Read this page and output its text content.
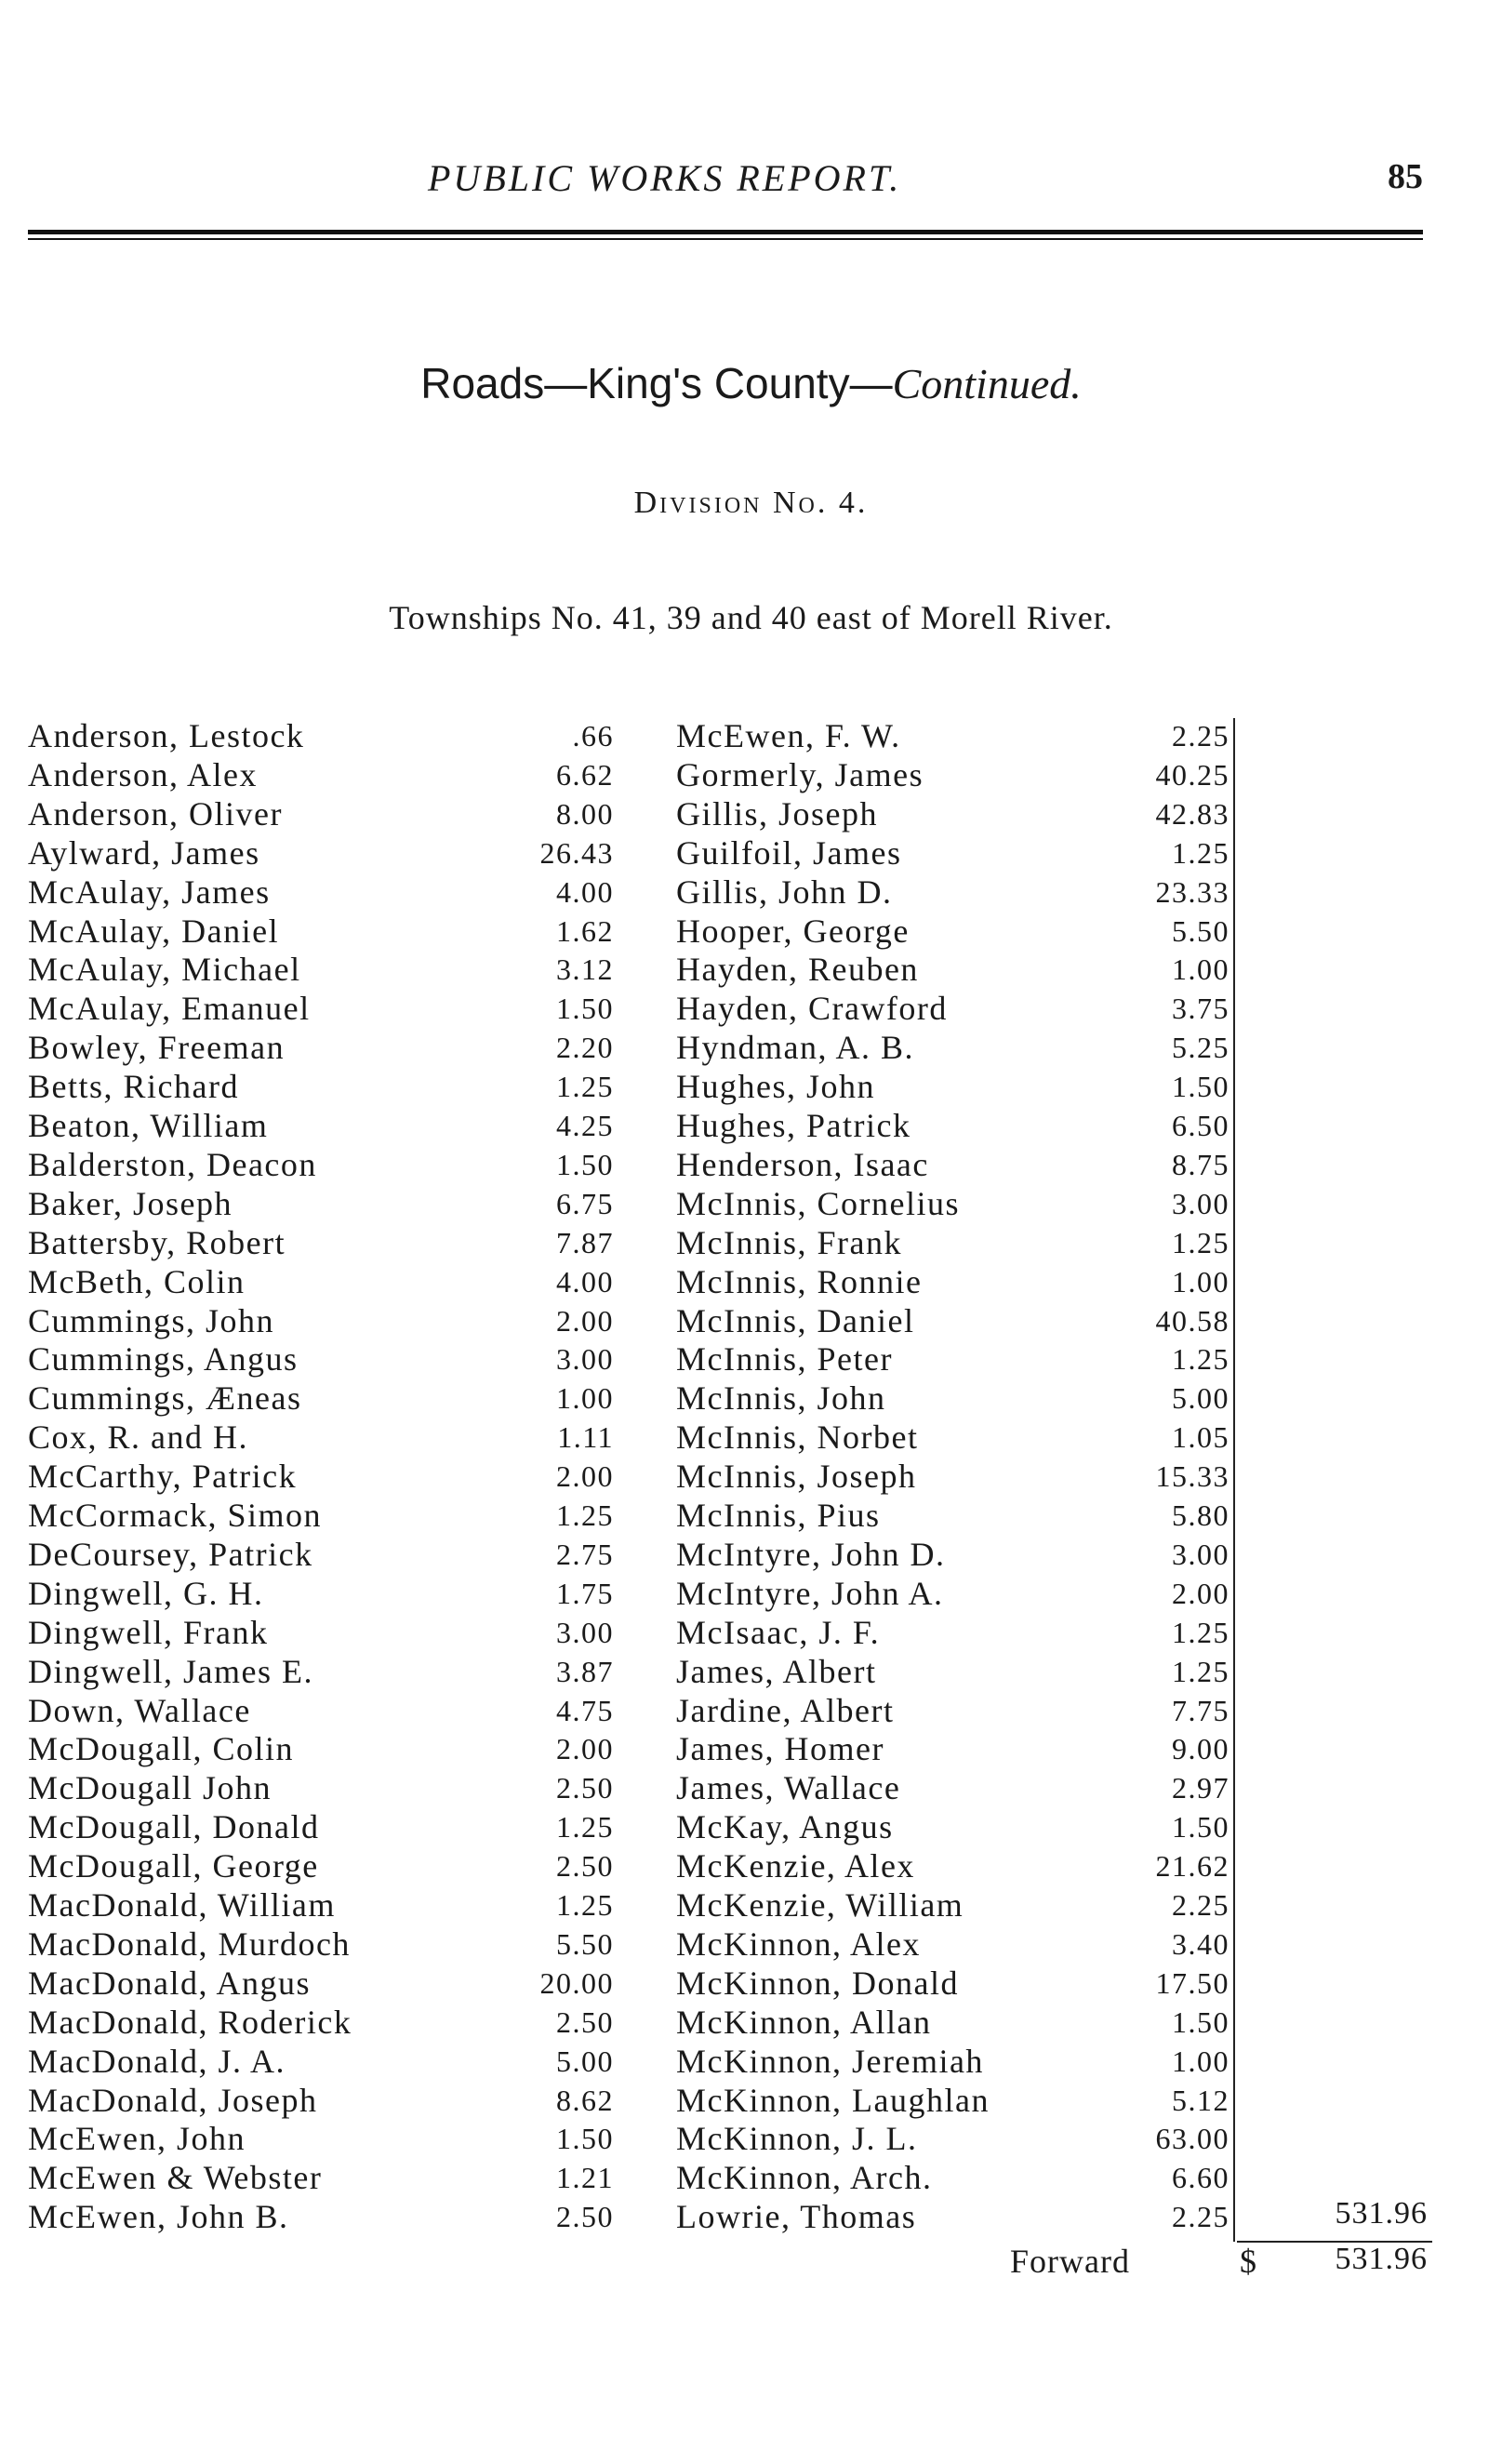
PUBLIC WORKS REPORT.	85
Roads—King's County—Continued.
Division No. 4.
Townships No. 41, 39 and 40 east of Morell River.
Anderson, Lestock	.66
Anderson, Alex	6.62
Anderson, Oliver	8.00
Aylward, James	26.43
McAulay, James	4.00
McAulay, Daniel	1.62
McAulay, Michael	3.12
McAulay, Emanuel	1.50
Bowley, Freeman	2.20
Betts, Richard	1.25
Beaton, William	4.25
Balderston, Deacon	1.50
Baker, Joseph	6.75
Battersby, Robert	7.87
McBeth, Colin	4.00
Cummings, John	2.00
Cummings, Angus	3.00
Cummings, Æneas	1.00
Cox, R. and H.	1.11
McCarthy, Patrick	2.00
McCormack, Simon	1.25
DeCoursey, Patrick	2.75
Dingwell, G. H.	1.75
Dingwell, Frank	3.00
Dingwell, James E.	3.87
Down, Wallace	4.75
McDougall, Colin	2.00
McDougall John	2.50
McDougall, Donald	1.25
McDougall, George	2.50
MacDonald, William	1.25
MacDonald, Murdoch	5.50
MacDonald, Angus	20.00
MacDonald, Roderick	2.50
MacDonald, J. A.	5.00
MacDonald, Joseph	8.62
McEwen, John	1.50
McEwen & Webster	1.21
McEwen, John B.	2.50
McEwen, F. W.	2.25
Gormerly, James	40.25
Gillis, Joseph	42.83
Guilfoil, James	1.25
Gillis, John D.	23.33
Hooper, George	5.50
Hayden, Reuben	1.00
Hayden, Crawford	3.75
Hyndman, A. B.	5.25
Hughes, John	1.50
Hughes, Patrick	6.50
Henderson, Isaac	8.75
McInnis, Cornelius	3.00
McInnis, Frank	1.25
McInnis, Ronnie	1.00
McInnis, Daniel	40.58
McInnis, Peter	1.25
McInnis, John	5.00
McInnis, Norbet	1.05
McInnis, Joseph	15.33
McInnis, Pius	5.80
McIntyre, John D.	3.00
McIntyre, John A.	2.00
McIsaac, J. F.	1.25
James, Albert	1.25
Jardine, Albert	7.75
James, Homer	9.00
James, Wallace	2.97
McKay, Angus	1.50
McKenzie, Alex	21.62
McKenzie, William	2.25
McKinnon, Alex	3.40
McKinnon, Donald	17.50
McKinnon, Allan	1.50
McKinnon, Jeremiah	1.00
McKinnon, Laughlan	5.12
McKinnon, J. L.	63.00
McKinnon, Arch.	6.60
Lowrie, Thomas	2.25	531.96
Forward	$	531.96
